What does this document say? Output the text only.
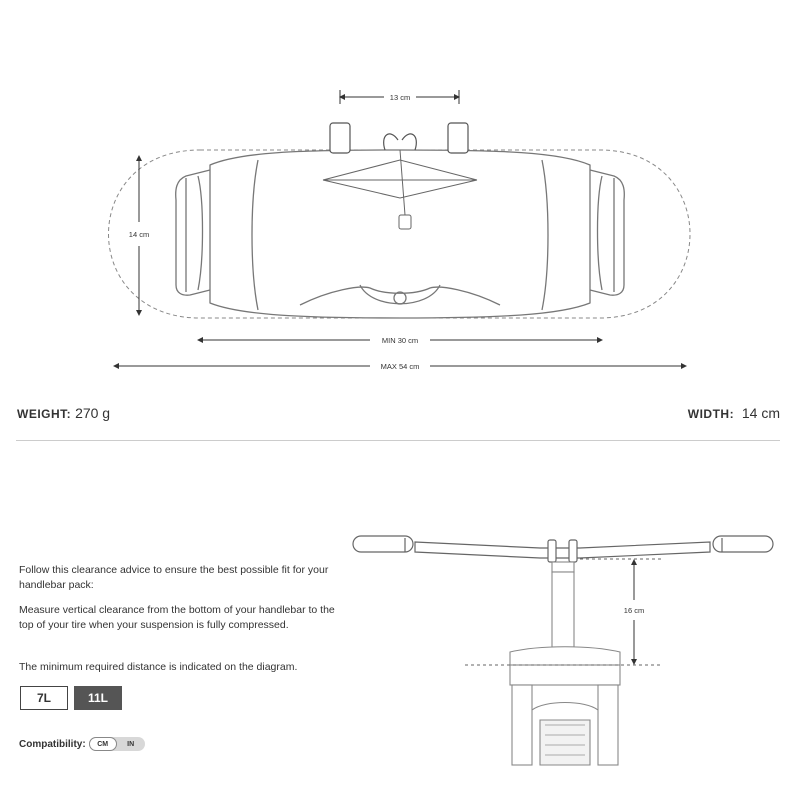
13 cm
14 cm
MIN 30 cm
MAX 54 cm
WEIGHT: 270 g	WIDTH: 14 cm

Follow this clearance advice to ensure the best possible fit for your handlebar pack:

Measure vertical clearance from the bottom of your handlebar to the top of your tire when your suspension is fully compressed.

The minimum required distance is indicated on the diagram.

7L	11L
Compatibility:	CM	IN
16 cm
